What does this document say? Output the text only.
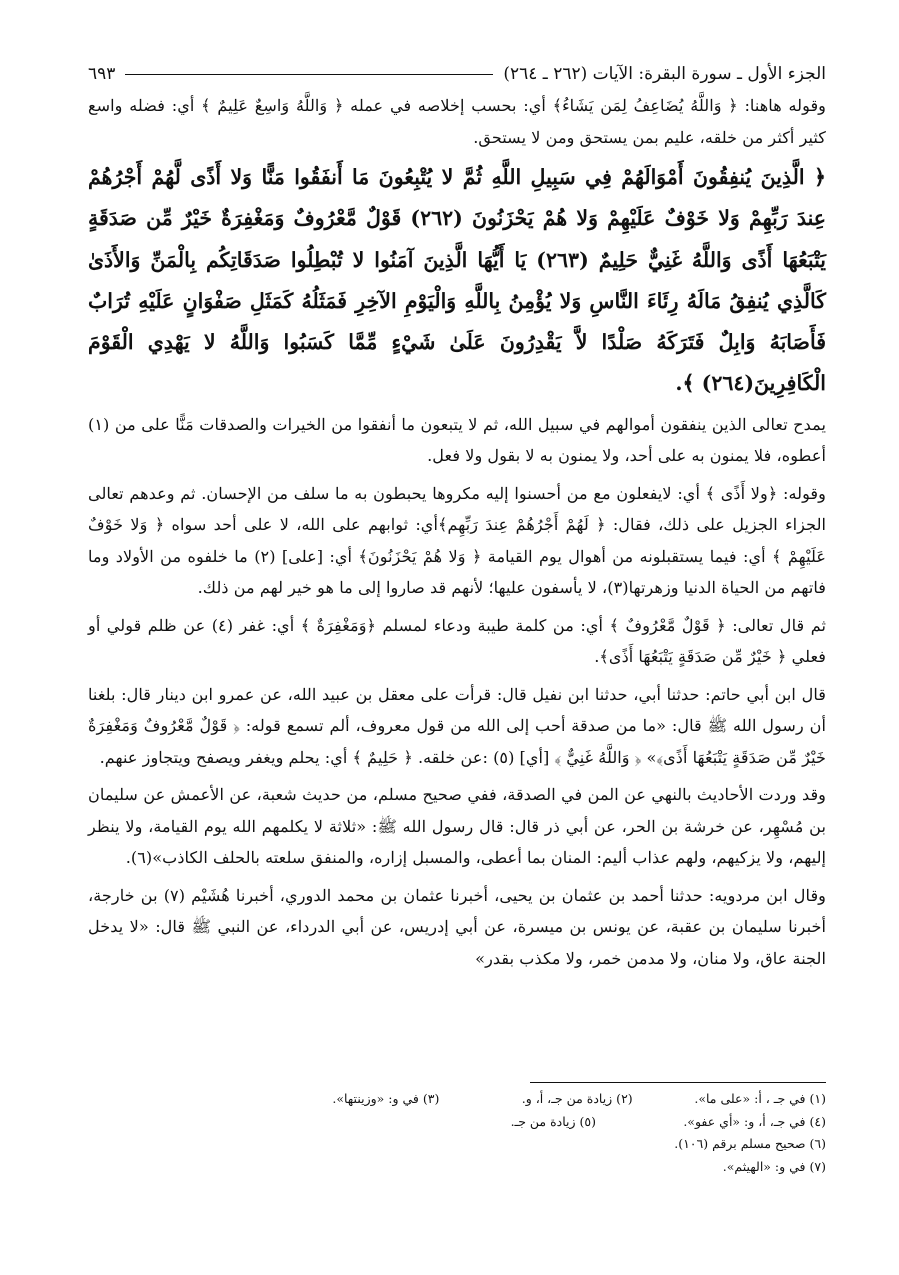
الجزء الأول ـ سورة البقرة: الآيات (٢٦٢ ـ ٢٦٤)
٦٩٣

وقوله هاهنا: ﴿ وَاللَّهُ يُضَاعِفُ لِمَن يَشَاءُ﴾ أي: بحسب إخلاصه في عمله ﴿ وَاللَّهُ وَاسِعٌ عَلِيمٌ ﴾ أي: فضله واسع كثير أكثر من خلقه، عليم بمن يستحق ومن لا يستحق.

﴿ الَّذِينَ يُنفِقُونَ أَمْوَالَهُمْ فِي سَبِيلِ اللَّهِ ثُمَّ لا يُتْبِعُونَ مَا أَنفَقُوا مَنًّا وَلا أَذًى لَّهُمْ أَجْرُهُمْ عِندَ رَبِّهِمْ وَلا خَوْفٌ عَلَيْهِمْ وَلا هُمْ يَحْزَنُونَ (٢٦٢) قَوْلٌ مَّعْرُوفٌ وَمَغْفِرَةٌ خَيْرٌ مِّن صَدَقَةٍ يَتْبَعُهَا أَذًى وَاللَّهُ غَنِيٌّ حَلِيمٌ (٢٦٣) يَا أَيُّهَا الَّذِينَ آمَنُوا لا تُبْطِلُوا صَدَقَاتِكُم بِالْمَنِّ وَالأَذَىٰ كَالَّذِي يُنفِقُ مَالَهُ رِئَاءَ النَّاسِ وَلا يُؤْمِنُ بِاللَّهِ وَالْيَوْمِ الآخِرِ فَمَثَلُهُ كَمَثَلِ صَفْوَانٍ عَلَيْهِ تُرَابٌ فَأَصَابَهُ وَابِلٌ فَتَرَكَهُ صَلْدًا لاَّ يَقْدِرُونَ عَلَىٰ شَيْءٍ مِّمَّا كَسَبُوا وَاللَّهُ لا يَهْدِي الْقَوْمَ الْكَافِرِينَ(٢٦٤) ﴾.

يمدح تعالى الذين ينفقون أموالهم في سبيل الله، ثم لا يتبعون ما أنفقوا من الخيرات والصدقات مَنًّا على من (١) أعطوه، فلا يمنون به على أحد، ولا يمنون به لا بقول ولا فعل.

وقوله: ﴿ولا أَذًى ﴾ أي: لايفعلون مع من أحسنوا إليه مكروها يحبطون به ما سلف من الإحسان. ثم وعدهم تعالى الجزاء الجزيل على ذلك، فقال: ﴿ لَهُمْ أَجْرُهُمْ عِندَ رَبِّهِم﴾أي: ثوابهم على الله، لا على أحد سواه ﴿ وَلا خَوْفٌ عَلَيْهِمْ ﴾ أي: فيما يستقبلونه من أهوال يوم القيامة ﴿ وَلا هُمْ يَحْزَنُونَ﴾ أي: [على] (٢) ما خلفوه من الأولاد وما فاتهم من الحياة الدنيا وزهرتها(٣)، لا يأسفون عليها؛ لأنهم قد صاروا إلى ما هو خير لهم من ذلك.

ثم قال تعالى: ﴿ قَوْلٌ مَّعْرُوفٌ ﴾ أي: من كلمة طيبة ودعاء لمسلم ﴿وَمَغْفِرَةٌ ﴾ أي: غفر (٤) عن ظلم قولي أو فعلي ﴿ خَيْرٌ مِّن صَدَقَةٍ يَتْبَعُهَا أَذًى﴾.

قال ابن أبي حاتم: حدثنا أبي، حدثنا ابن نفيل قال: قرأت على معقل بن عبيد الله، عن عمرو ابن دينار قال: بلغنا أن رسول الله ﷺ قال: «ما من صدقة أحب إلى الله من قول معروف، ألم تسمع قوله: ﴿ قَوْلٌ مَّعْرُوفٌ وَمَغْفِرَةٌ خَيْرٌ مِّن صَدَقَةٍ يَتْبَعُهَا أَذًى﴾» ﴿ وَاللَّهُ غَنِيٌّ ﴾ [أي] (٥) :عن خلقه. ﴿ حَلِيمٌ ﴾ أي: يحلم ويغفر ويصفح ويتجاوز عنهم.

وقد وردت الأحاديث بالنهي عن المن في الصدقة، ففي صحيح مسلم، من حديث شعبة، عن الأعمش عن سليمان بن مُسْهِر، عن خرشة بن الحر، عن أبي ذر قال: قال رسول الله ﷺ: «ثلاثة لا يكلمهم الله يوم القيامة، ولا ينظر إليهم، ولا يزكيهم، ولهم عذاب أليم: المنان بما أعطى، والمسبل إزاره، والمنفق سلعته بالحلف الكاذب»(٦).

وقال ابن مردويه: حدثنا أحمد بن عثمان بن يحيى، أخبرنا عثمان بن محمد الدوري، أخبرنا هُشَيْم (٧) بن خارجة، أخبرنا سليمان بن عقبة، عن يونس بن ميسرة، عن أبي إدريس، عن أبي الدرداء، عن النبي ﷺ قال: «لا يدخل الجنة عاق، ولا منان، ولا مدمن خمر، ولا مكذب بقدر»

(١) في جـ ، أ: «على ما».
(٢) زيادة من جـ، أ، و.
(٣) في و: «وزينتها».
(٤) في جـ، أ، و: «أي عفو».
(٥) زيادة من جـ.
(٦) صحيح مسلم برقم (١٠٦).
(٧) في و: «الهيثم».
